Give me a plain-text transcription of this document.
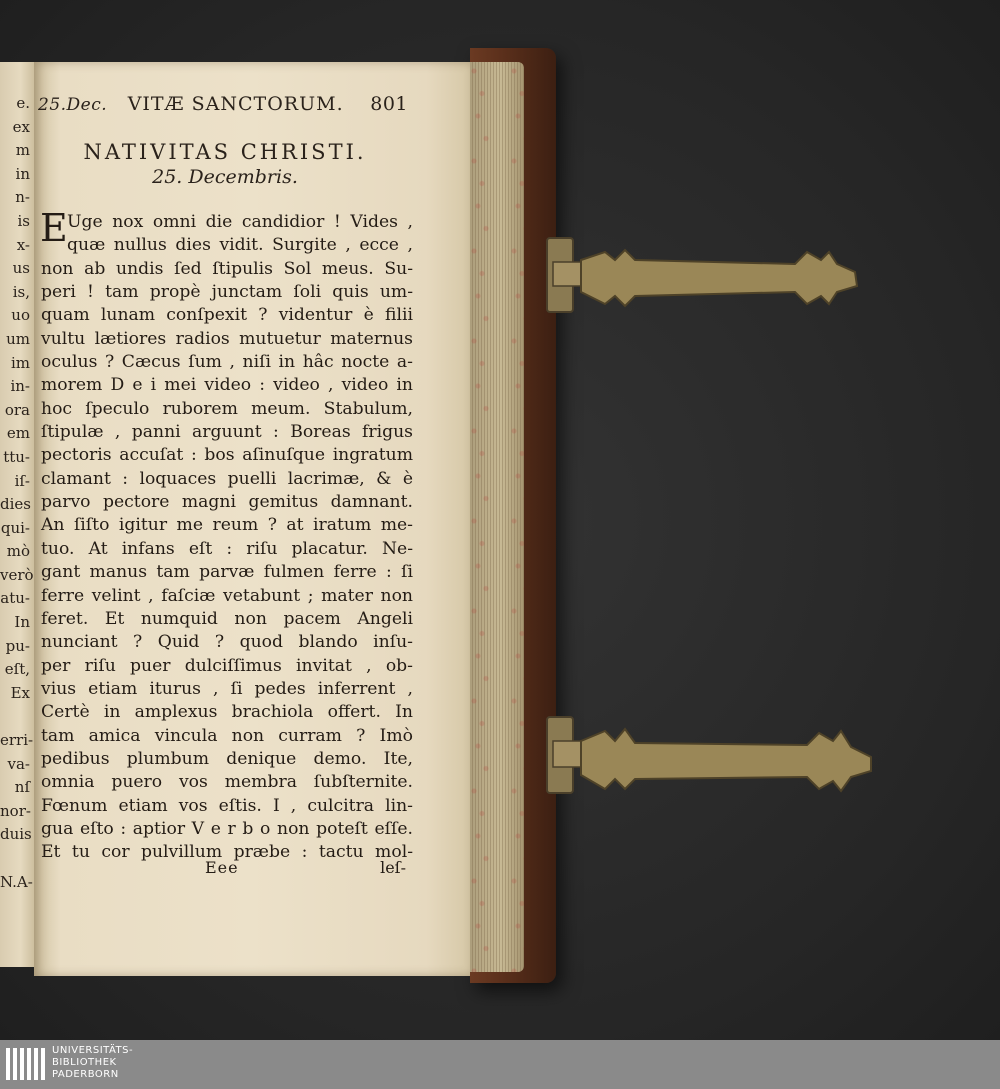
e.
ex
m
in
n-
is
x-
us
is,
uo
um
im
in-
ora
em
ttu-
iſ-
dies
qui-
mò
verò
atu-
In
pu-
eſt,
Ex
erri-
va-
nſ
nor-
duis
N.A-
25.Dec. VITÆ SANCTORUM. 801
NATIVITAS CHRISTI.
25. Decembris.
E Uge nox omni die candidior ! Vides ,
quæ nullus dies vidit. Surgite , ecce ,
non ab undis ſed ſtipulis Sol meus. Su-
peri ! tam propè junctam ſoli quis um-
quam lunam conſpexit ? videntur è filii
vultu lætiores radios mutuetur maternus
oculus ? Cæcus ſum , niſi in hâc nocte a-
morem D e i mei video : video , video in
hoc ſpeculo ruborem meum. Stabulum,
ſtipulæ , panni arguunt : Boreas frigus
pectoris accuſat : bos aſinuſque ingratum
clamant : loquaces puelli lacrimæ, & è
parvo pectore magni gemitus damnant.
An ſiſto igitur me reum ? at iratum me-
tuo. At infans eſt : riſu placatur. Ne-
gant manus tam parvæ fulmen ferre : ſi
ferre velint , faſciæ vetabunt ; mater non
feret. Et numquid non pacem Angeli
nunciant ? Quid ? quod blando inſu-
per riſu puer dulciſſimus invitat , ob-
vius etiam iturus , ſi pedes inferrent ,
Certè in amplexus brachiola offert. In
tam amica vincula non curram ? Imò
pedibus plumbum denique demo. Ite,
omnia puero vos membra ſubſternite.
Fœnum etiam vos eſtis. I , culcitra lin-
gua eſto : aptior V e r b o non poteſt eſſe.
Et tu cor pulvillum præbe : tactu mol-
Eee	leſ-
UNIVERSITÄTS-
BIBLIOTHEK
PADERBORN
